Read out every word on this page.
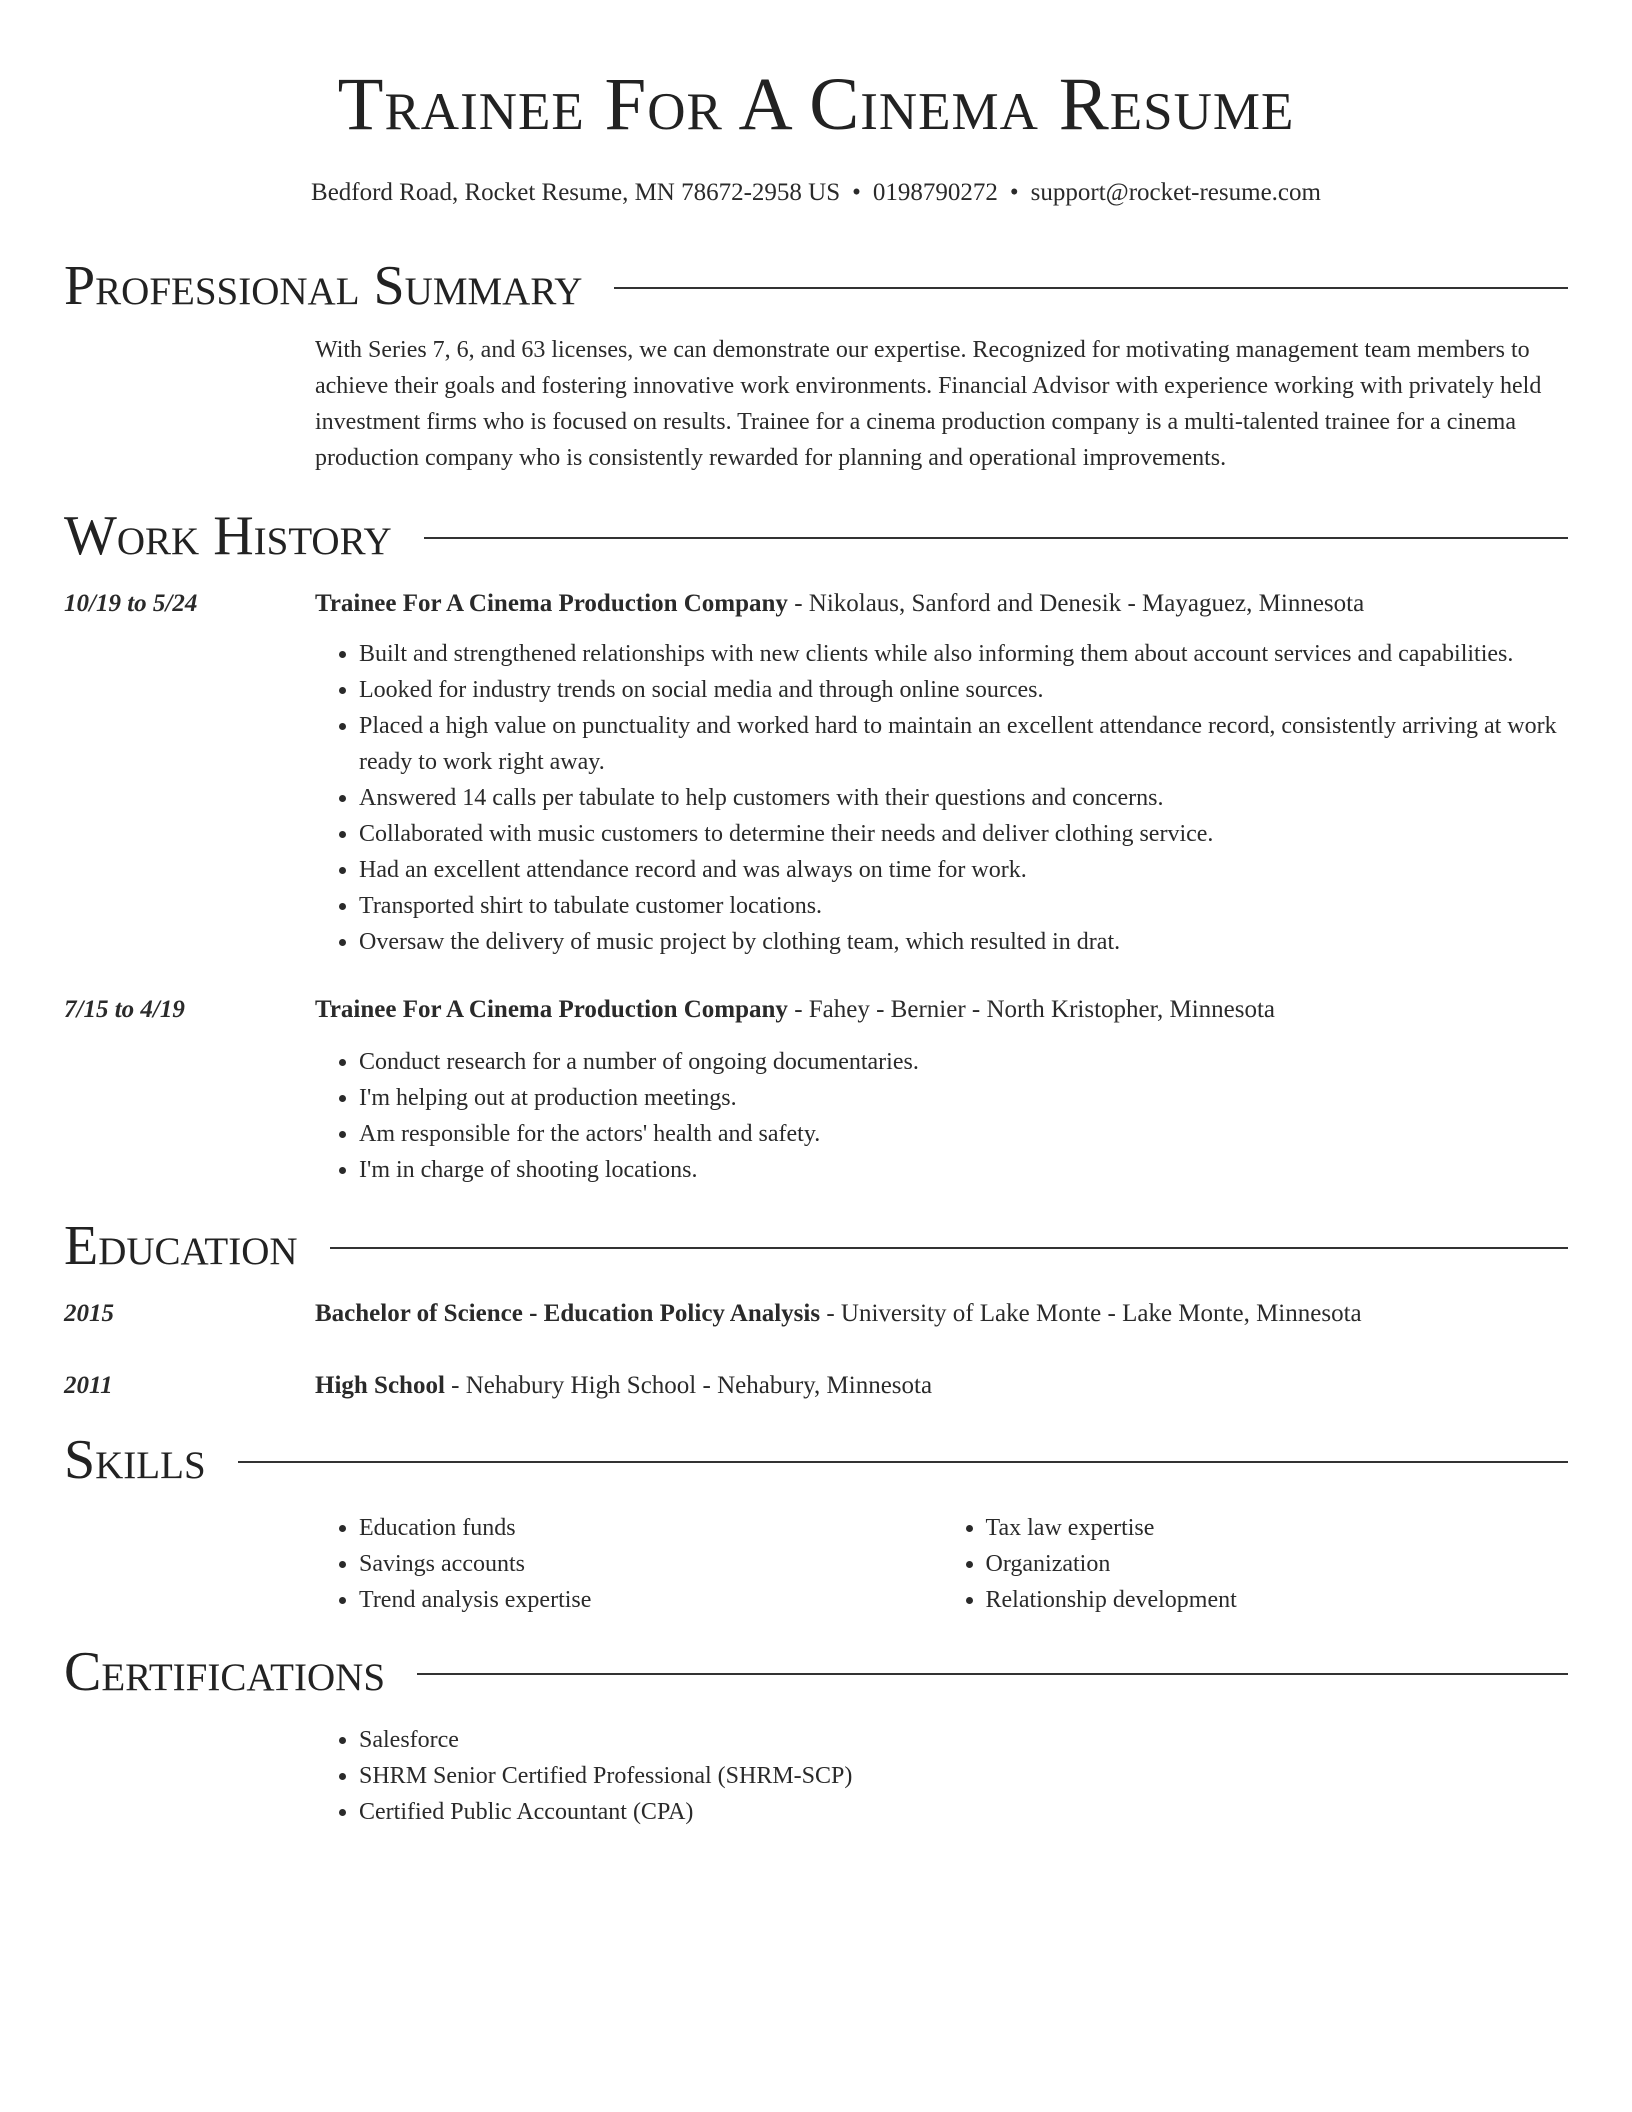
Trainee For A Cinema Resume
Bedford Road, Rocket Resume, MN 78672-2958 US • 0198790272 • support@rocket-resume.com
Professional Summary
With Series 7, 6, and 63 licenses, we can demonstrate our expertise. Recognized for motivating management team members to achieve their goals and fostering innovative work environments. Financial Advisor with experience working with privately held investment firms who is focused on results. Trainee for a cinema production company is a multi-talented trainee for a cinema production company who is consistently rewarded for planning and operational improvements.
Work History
10/19 to 5/24	Trainee For A Cinema Production Company - Nikolaus, Sanford and Denesik - Mayaguez, Minnesota
• Built and strengthened relationships with new clients while also informing them about account services and capabilities.
• Looked for industry trends on social media and through online sources.
• Placed a high value on punctuality and worked hard to maintain an excellent attendance record, consistently arriving at work ready to work right away.
• Answered 14 calls per tabulate to help customers with their questions and concerns.
• Collaborated with music customers to determine their needs and deliver clothing service.
• Had an excellent attendance record and was always on time for work.
• Transported shirt to tabulate customer locations.
• Oversaw the delivery of music project by clothing team, which resulted in drat.
7/15 to 4/19	Trainee For A Cinema Production Company - Fahey - Bernier - North Kristopher, Minnesota
• Conduct research for a number of ongoing documentaries.
• I'm helping out at production meetings.
• Am responsible for the actors' health and safety.
• I'm in charge of shooting locations.
Education
2015	Bachelor of Science - Education Policy Analysis - University of Lake Monte - Lake Monte, Minnesota
2011	High School - Nehabury High School - Nehabury, Minnesota
Skills
• Education funds
• Savings accounts
• Trend analysis expertise
• Tax law expertise
• Organization
• Relationship development
Certifications
• Salesforce
• SHRM Senior Certified Professional (SHRM-SCP)
• Certified Public Accountant (CPA)
